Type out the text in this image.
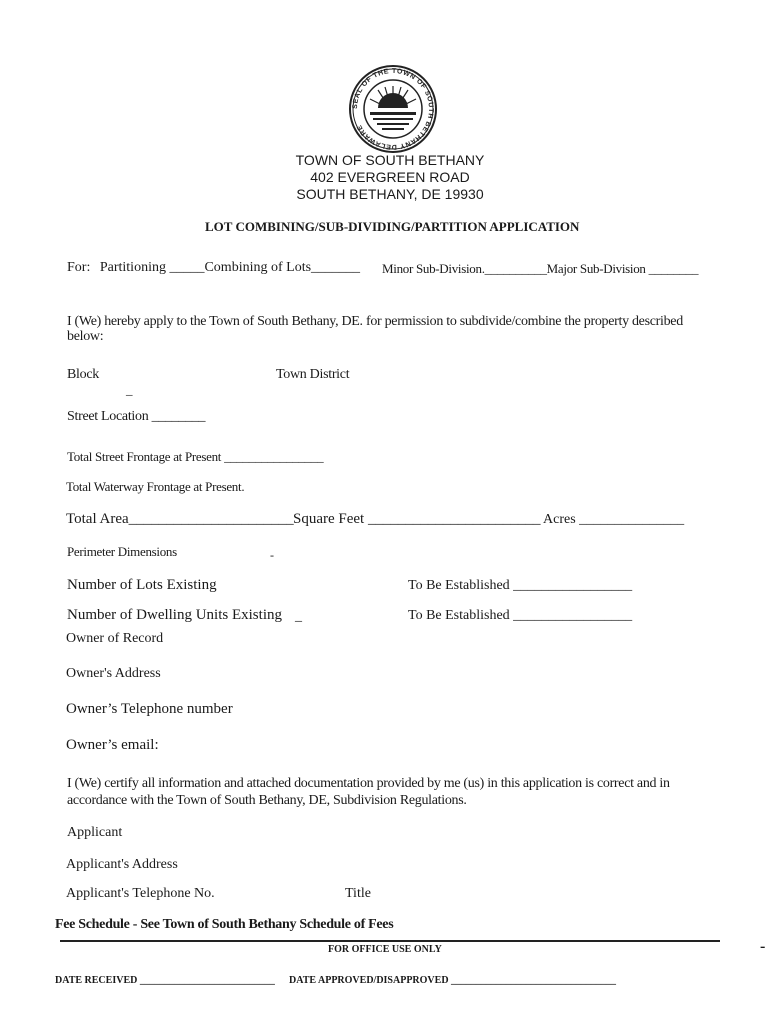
SEAL OF THE TOWN OF SOUTH BETHANY DELAWARE
TOWN OF SOUTH BETHANY
402 EVERGREEN ROAD
SOUTH BETHANY, DE 19930
LOT COMBINING/SUB-DIVIDING/PARTITION APPLICATION
For: Partitioning _____Combining of Lots_______ Minor Sub-Division.__________Major Sub-Division ________
I (We) hereby apply to the Town of South Bethany, DE. for permission to subdivide/combine the property described below:
Block	Town District
_
Street Location ________
Total Street Frontage at Present ________________
Total Waterway Frontage at Present.
Total Area______________________ Square Feet _______________________ Acres _______________
Perimeter Dimensions	-
Number of Lots Existing	To Be Established _________________
Number of Dwelling Units Existing _	To Be Established _________________
Owner of Record
Owner's Address
Owner’s Telephone number
Owner’s email:
I (We) certify all information and attached documentation provided by me (us) in this application is correct and in
accordance with the Town of South Bethany, DE, Subdivision Regulations.
Applicant
Applicant's Address
Applicant's Telephone No.	Title
Fee Schedule - See Town of South Bethany Schedule of Fees
FOR OFFICE USE ONLY	-
DATE RECEIVED ___________________________ DATE APPROVED/DISAPPROVED _________________________________
